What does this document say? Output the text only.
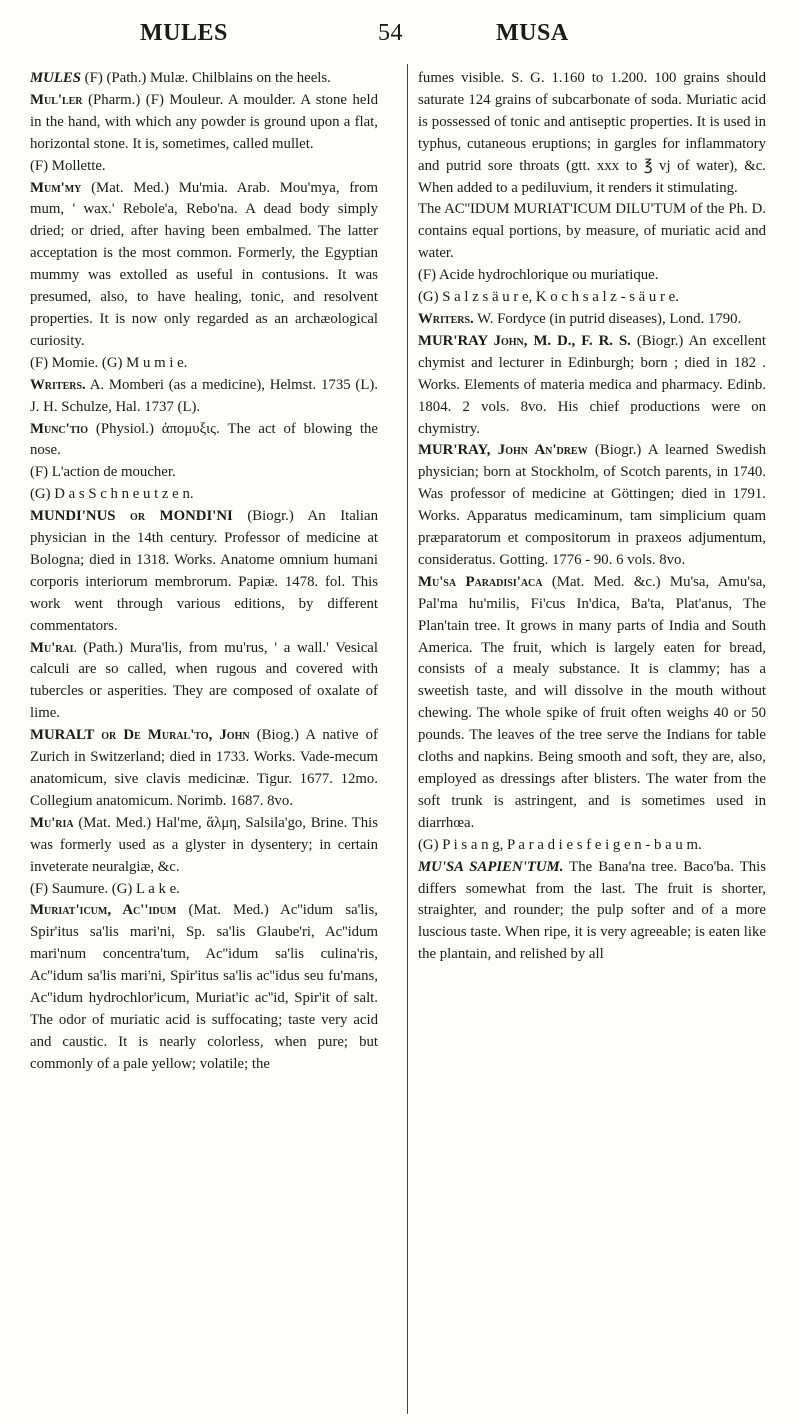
MULES	54	MUSA

MULES (F) (Path.) Mulæ. Chilblains on the heels.

Mul'ler (Pharm.) (F) Mouleur. A moulder. A stone held in the hand, with which any powder is ground upon a flat, horizontal stone. It is, sometimes, called mullet.

(F) Mollette.

Mum'my (Mat. Med.) Mu'mia. Arab. Mou'mya, from mum, ' wax.' Rebole'a, Rebo'na. A dead body simply dried; or dried, after having been embalmed. The latter acceptation is the most common. Formerly, the Egyptian mummy was extolled as useful in contusions. It was presumed, also, to have healing, tonic, and resolvent properties. It is now only regarded as an archæological curiosity.

(F) Momie. (G) M u m i e.

Writers. A. Momberi (as a medicine), Helmst. 1735 (L). J. H. Schulze, Hal. 1737 (L).

Munc'tio (Physiol.) ἀπομυξις. The act of blowing the nose.

(F) L'action de moucher.

(G) D a s S c h n e u t z e n.

MUNDI'NUS or MONDI'NI (Biogr.) An Italian physician in the 14th century. Professor of medicine at Bologna; died in 1318. Works. Anatome omnium humani corporis interiorum membrorum. Papiæ. 1478. fol. This work went through various editions, by different commentators.

Mu'ral (Path.) Mura'lis, from mu'rus, ' a wall.' Vesical calculi are so called, when rugous and covered with tubercles or asperities. They are composed of oxalate of lime.

MURALT or De Mural'to, John (Biog.) A native of Zurich in Switzerland; died in 1733. Works. Vade-mecum anatomicum, sive clavis medicinæ. Tigur. 1677. 12mo. Collegium anatomicum. Norimb. 1687. 8vo.

Mu'ria (Mat. Med.) Hal'me, ἅλμη, Salsila'go, Brine. This was formerly used as a glyster in dysentery; in certain inveterate neuralgiæ, &c.

(F) Saumure. (G) L a k e.

Muriat'icum, Ac''idum (Mat. Med.) Ac''idum sa'lis, Spir'itus sa'lis mari'ni, Sp. sa'lis Glaube'ri, Ac''idum mari'num concentra'tum, Ac''idum sa'lis culina'ris, Ac''idum sa'lis mari'ni, Spir'itus sa'lis ac''idus seu fu'mans, Ac''idum hydrochlor'icum, Muriat'ic ac''id, Spir'it of salt. The odor of muriatic acid is suffocating; taste very acid and caustic. It is nearly colorless, when pure; but commonly of a pale yellow; volatile; the

fumes visible. S. G. 1.160 to 1.200. 100 grains should saturate 124 grains of subcarbonate of soda. Muriatic acid is possessed of tonic and antiseptic properties. It is used in typhus, cutaneous eruptions; in gargles for inflammatory and putrid sore throats (gtt. xxx to ℥ vj of water), &c. When added to a pediluvium, it renders it stimulating.

The AC''IDUM MURIAT'ICUM DILU'TUM of the Ph. D. contains equal portions, by measure, of muriatic acid and water.

(F) Acide hydrochlorique ou muriatique.

(G) S a l z s ä u r e, K o c h s a l z - s ä u r e.

Writers. W. Fordyce (in putrid diseases), Lond. 1790.

MUR'RAY John, M. D., F. R. S. (Biogr.) An excellent chymist and lecturer in Edinburgh; born ; died in 182 . Works. Elements of materia medica and pharmacy. Edinb. 1804. 2 vols. 8vo. His chief productions were on chymistry.

MUR'RAY, John An'drew (Biogr.) A learned Swedish physician; born at Stockholm, of Scotch parents, in 1740. Was professor of medicine at Göttingen; died in 1791. Works. Apparatus medicaminum, tam simplicium quam præparatorum et compositorum in praxeos adjumentum, consideratus. Gotting. 1776 - 90. 6 vols. 8vo.

Mu'sa Paradisi'aca (Mat. Med. &c.) Mu'sa, Amu'sa, Pal'ma hu'milis, Fi'cus In'dica, Ba'ta, Plat'anus, The Plan'tain tree. It grows in many parts of India and South America. The fruit, which is largely eaten for bread, consists of a mealy substance. It is clammy; has a sweetish taste, and will dissolve in the mouth without chewing. The whole spike of fruit often weighs 40 or 50 pounds. The leaves of the tree serve the Indians for table cloths and napkins. Being smooth and soft, they are, also, employed as dressings after blisters. The water from the soft trunk is astringent, and is sometimes used in diarrhœa.

(G) P i s a n g, P a r a d i e s f e i g e n - b a u m.

MU'SA SAPIEN'TUM. The Bana'na tree. Baco'ba. This differs somewhat from the last. The fruit is shorter, straighter, and rounder; the pulp softer and of a more luscious taste. When ripe, it is very agreeable; is eaten like the plantain, and relished by all
